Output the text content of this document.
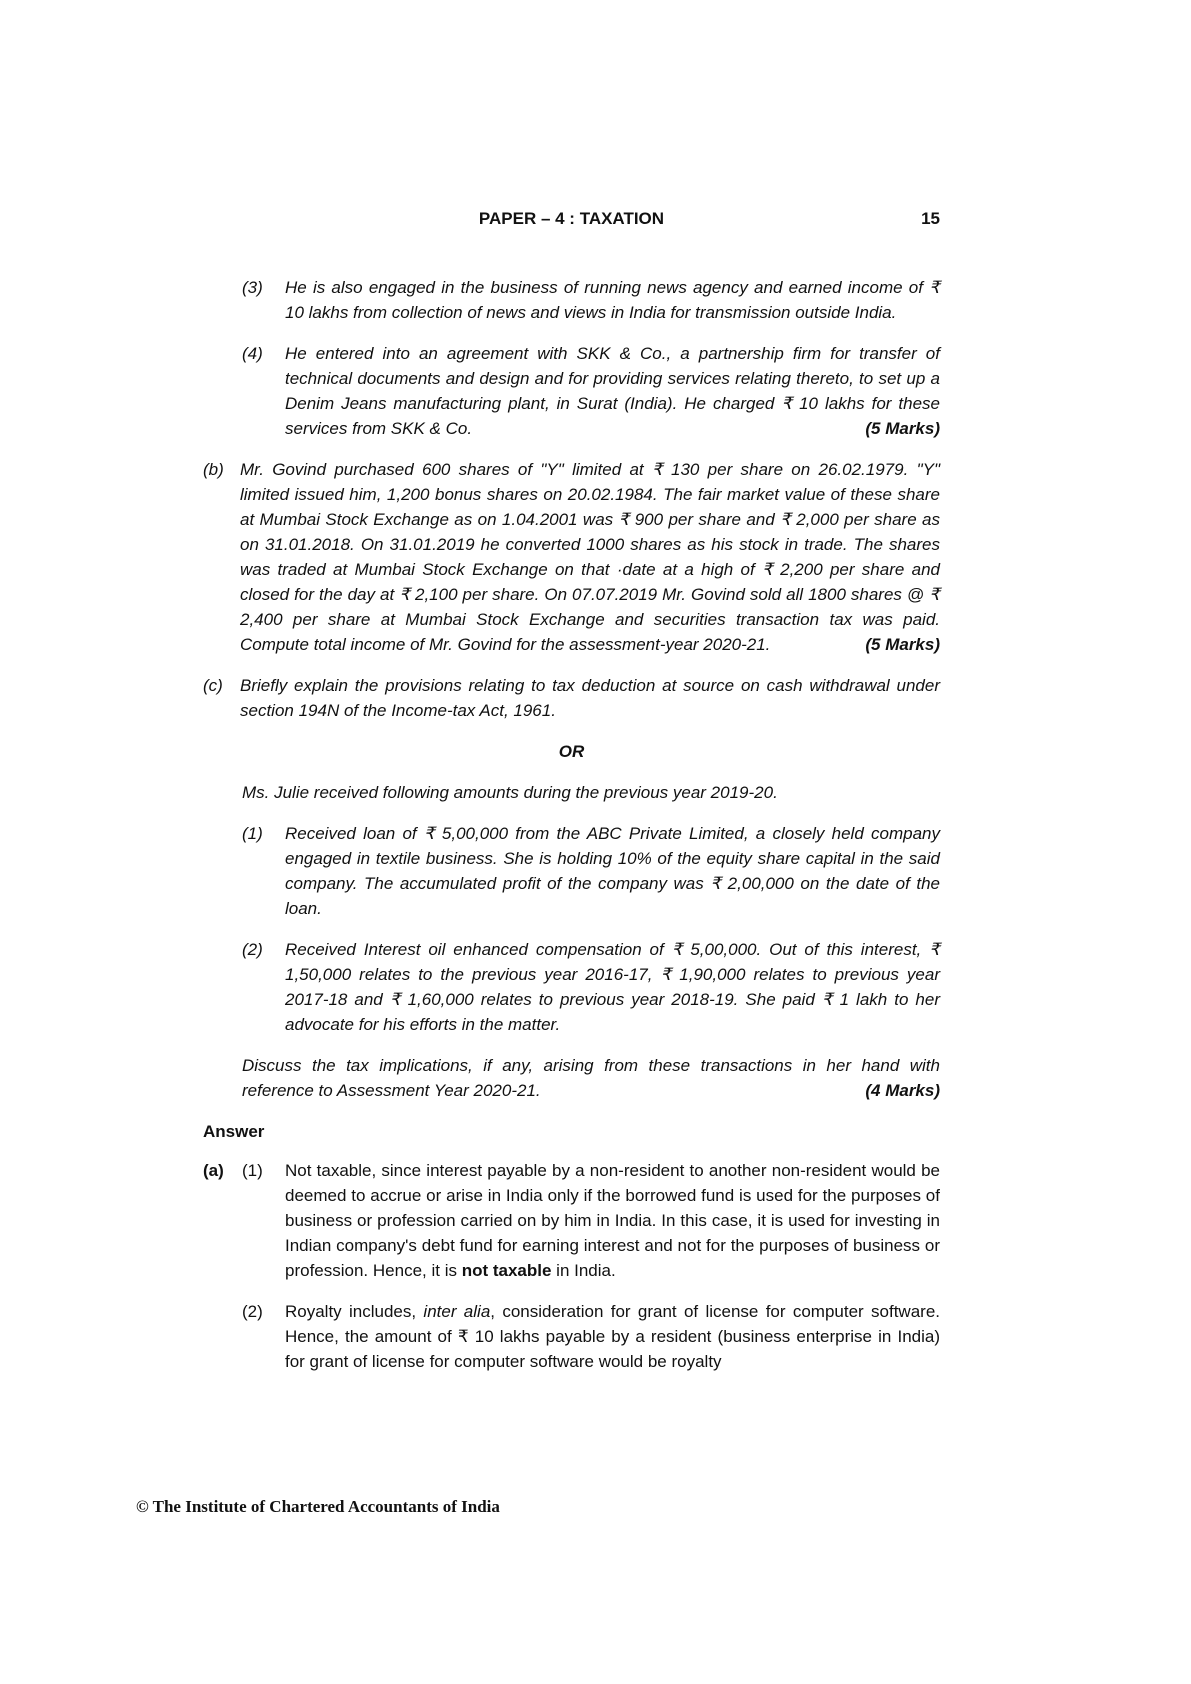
PAPER – 4 : TAXATION	15
(3)	He is also engaged in the business of running news agency and earned income of ₹ 10 lakhs from collection of news and views in India for transmission outside India.
(4)	He entered into an agreement with SKK & Co., a partnership firm for transfer of technical documents and design and for providing services relating thereto, to set up a Denim Jeans manufacturing plant, in Surat (India). He charged ₹ 10 lakhs for these services from SKK & Co.	(5 Marks)
(b) Mr. Govind purchased 600 shares of "Y" limited at ₹ 130 per share on 26.02.1979. "Y" limited issued him, 1,200 bonus shares on 20.02.1984. The fair market value of these share at Mumbai Stock Exchange as on 1.04.2001 was ₹ 900 per share and ₹ 2,000 per share as on 31.01.2018. On 31.01.2019 he converted 1000 shares as his stock in trade. The shares was traded at Mumbai Stock Exchange on that ·date at a high of ₹ 2,200 per share and closed for the day at ₹ 2,100 per share. On 07.07.2019 Mr. Govind sold all 1800 shares @ ₹ 2,400 per share at Mumbai Stock Exchange and securities transaction tax was paid. Compute total income of Mr. Govind for the assessment-year 2020-21.	(5 Marks)
(c)	Briefly explain the provisions relating to tax deduction at source on cash withdrawal under section 194N of the Income-tax Act, 1961.
OR
Ms. Julie received following amounts during the previous year 2019-20.
(1)	Received loan of ₹ 5,00,000 from the ABC Private Limited, a closely held company engaged in textile business. She is holding 10% of the equity share capital in the said company. The accumulated profit of the company was ₹ 2,00,000 on the date of the loan.
(2)	Received Interest oil enhanced compensation of ₹ 5,00,000. Out of this interest, ₹ 1,50,000 relates to the previous year 2016-17, ₹ 1,90,000 relates to previous year 2017-18 and ₹ 1,60,000 relates to previous year 2018-19. She paid ₹ 1 lakh to her advocate for his efforts in the matter.
Discuss the tax implications, if any, arising from these transactions in her hand with reference to Assessment Year 2020-21.	(4 Marks)
Answer
(a)	(1)	Not taxable, since interest payable by a non-resident to another non-resident would be deemed to accrue or arise in India only if the borrowed fund is used for the purposes of business or profession carried on by him in India. In this case, it is used for investing in Indian company's debt fund for earning interest and not for the purposes of business or profession. Hence, it is not taxable in India.
(2)	Royalty includes, inter alia, consideration for grant of license for computer software. Hence, the amount of ₹ 10 lakhs payable by a resident (business enterprise in India) for grant of license for computer software would be royalty
© The Institute of Chartered Accountants of India
